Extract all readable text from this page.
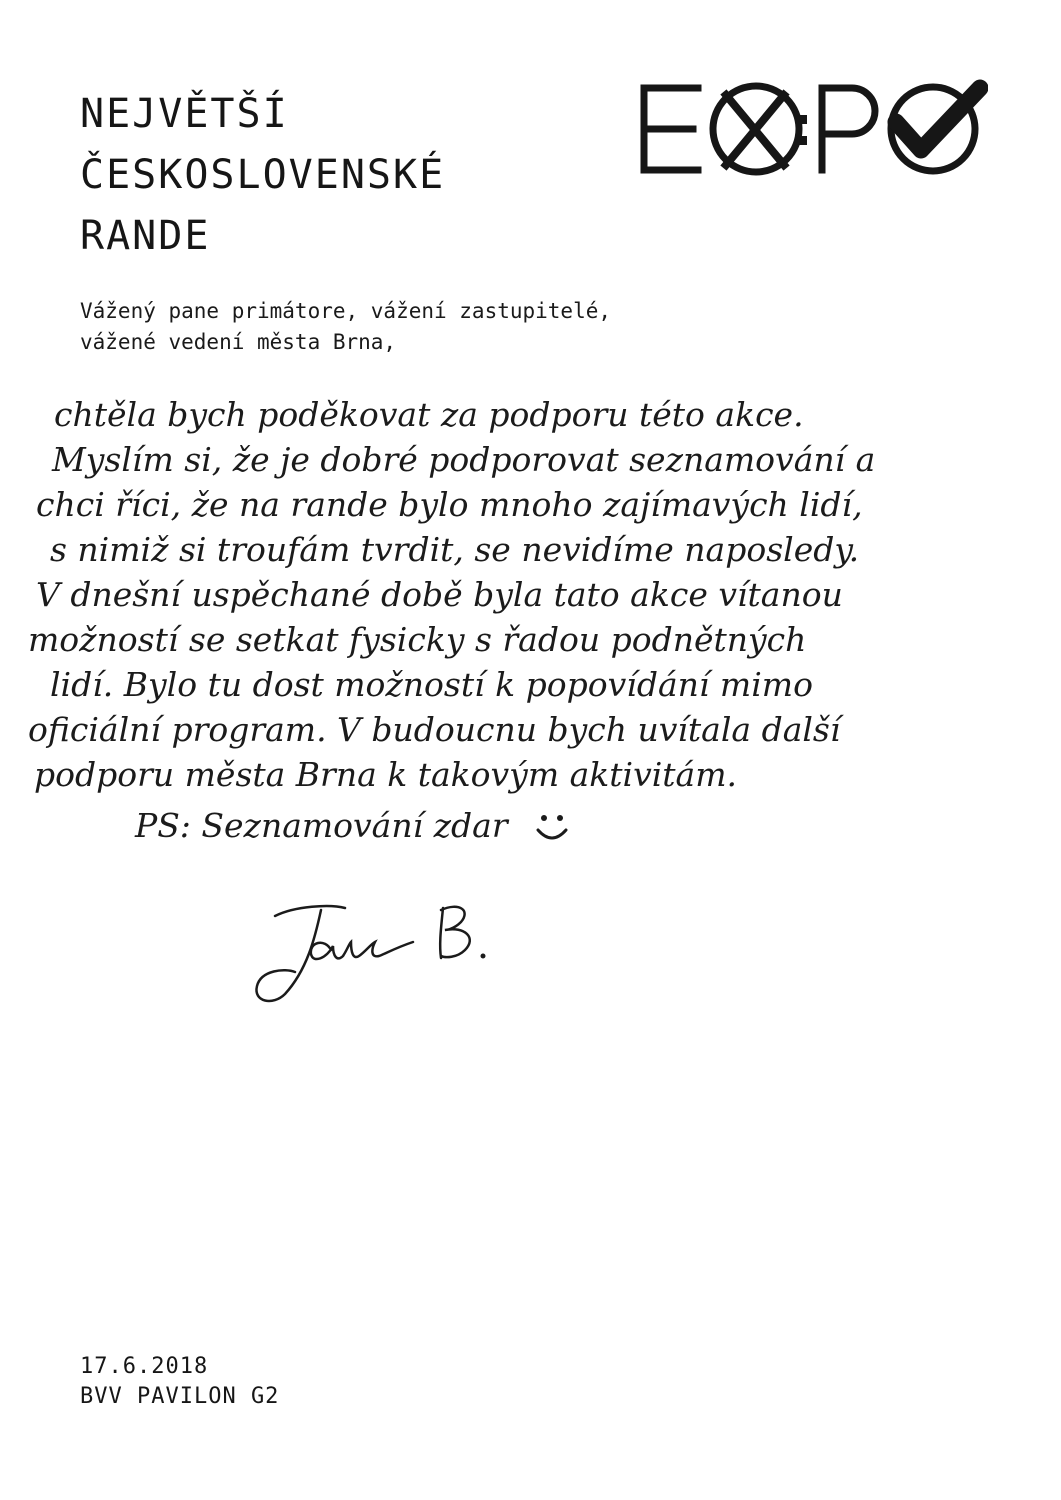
NEJVĚTŠÍ
ČESKOSLOVENSKÉ
RANDE
Vážený pane primátore, vážení zastupitelé,
vážené vedení města Brna,
chtěla bych poděkovat za podporu této akce.
Myslím si, že je dobré podporovat seznamování a
chci říci, že na rande bylo mnoho zajímavých lidí,
s nimiž si troufám tvrdit, se nevidíme naposledy.
V dnešní uspěchané době byla tato akce vítanou
možností se setkat fysicky s řadou podnětných
lidí. Bylo tu dost možností k popovídání mimo
oficiální program. V budoucnu bych uvítala další
podporu města Brna k takovým aktivitám.
PS: Seznamování zdar
17.6.2018
BVV PAVILON G2
